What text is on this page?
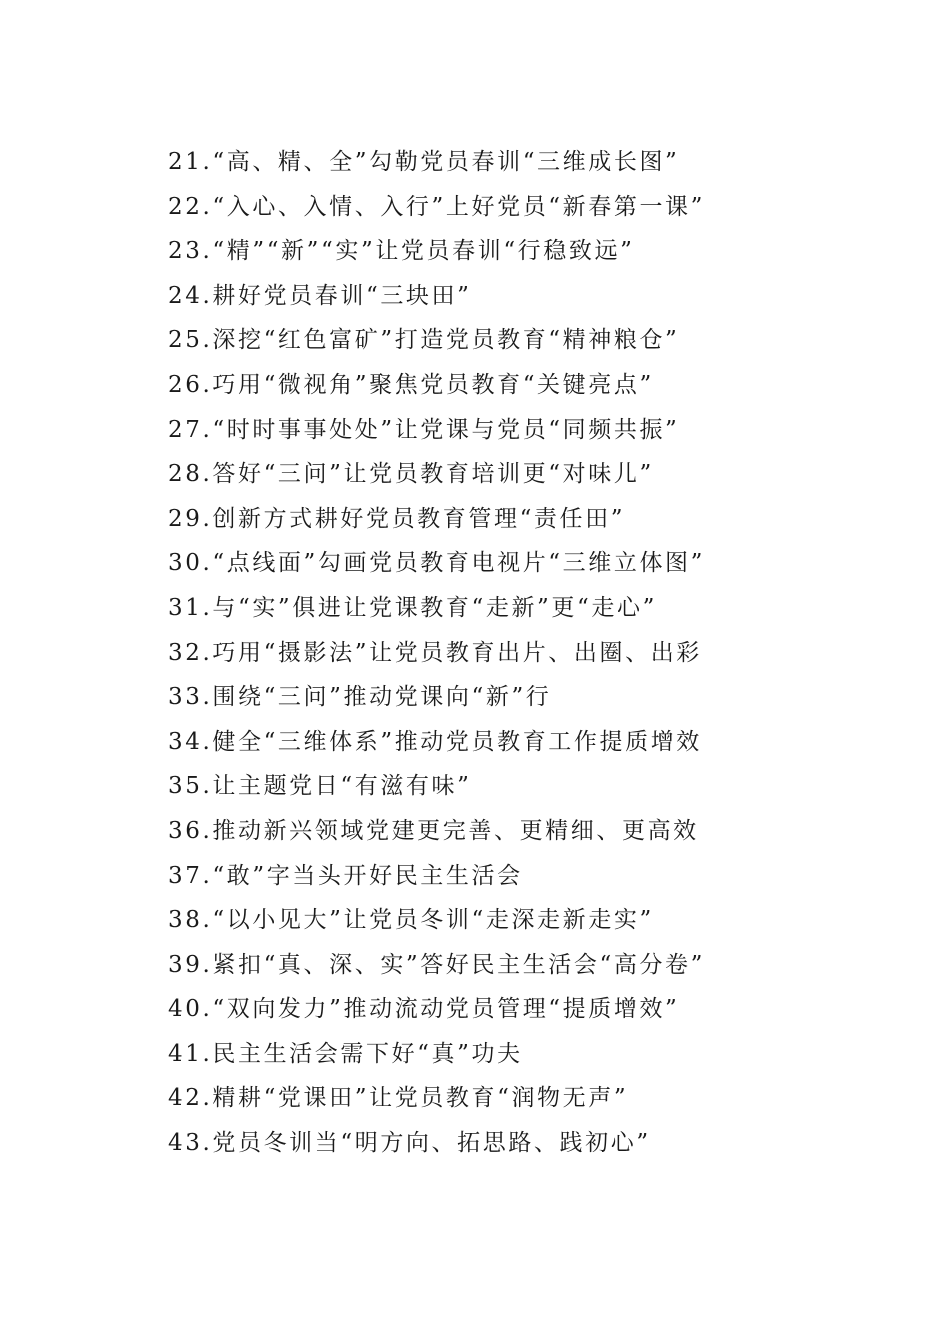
21.“高、精、全”勾勒党员春训“三维成长图”
22.“入心、入情、入行”上好党员“新春第一课”
23.“精”“新”“实”让党员春训“行稳致远”
24.耕好党员春训“三块田”
25.深挖“红色富矿”打造党员教育“精神粮仓”
26.巧用“微视角”聚焦党员教育“关键亮点”
27.“时时事事处处”让党课与党员“同频共振”
28.答好“三问”让党员教育培训更“对味儿”
29.创新方式耕好党员教育管理“责任田”
30.“点线面”勾画党员教育电视片“三维立体图”
31.与“实”俱进让党课教育“走新”更“走心”
32.巧用“摄影法”让党员教育出片、出圈、出彩
33.围绕“三问”推动党课向“新”行
34.健全“三维体系”推动党员教育工作提质增效
35.让主题党日“有滋有味”
36.推动新兴领域党建更完善、更精细、更高效
37.“敢”字当头开好民主生活会
38.“以小见大”让党员冬训“走深走新走实”
39.紧扣“真、深、实”答好民主生活会“高分卷”
40.“双向发力”推动流动党员管理“提质增效”
41.民主生活会需下好“真”功夫
42.精耕“党课田”让党员教育“润物无声”
43.党员冬训当“明方向、拓思路、践初心”
